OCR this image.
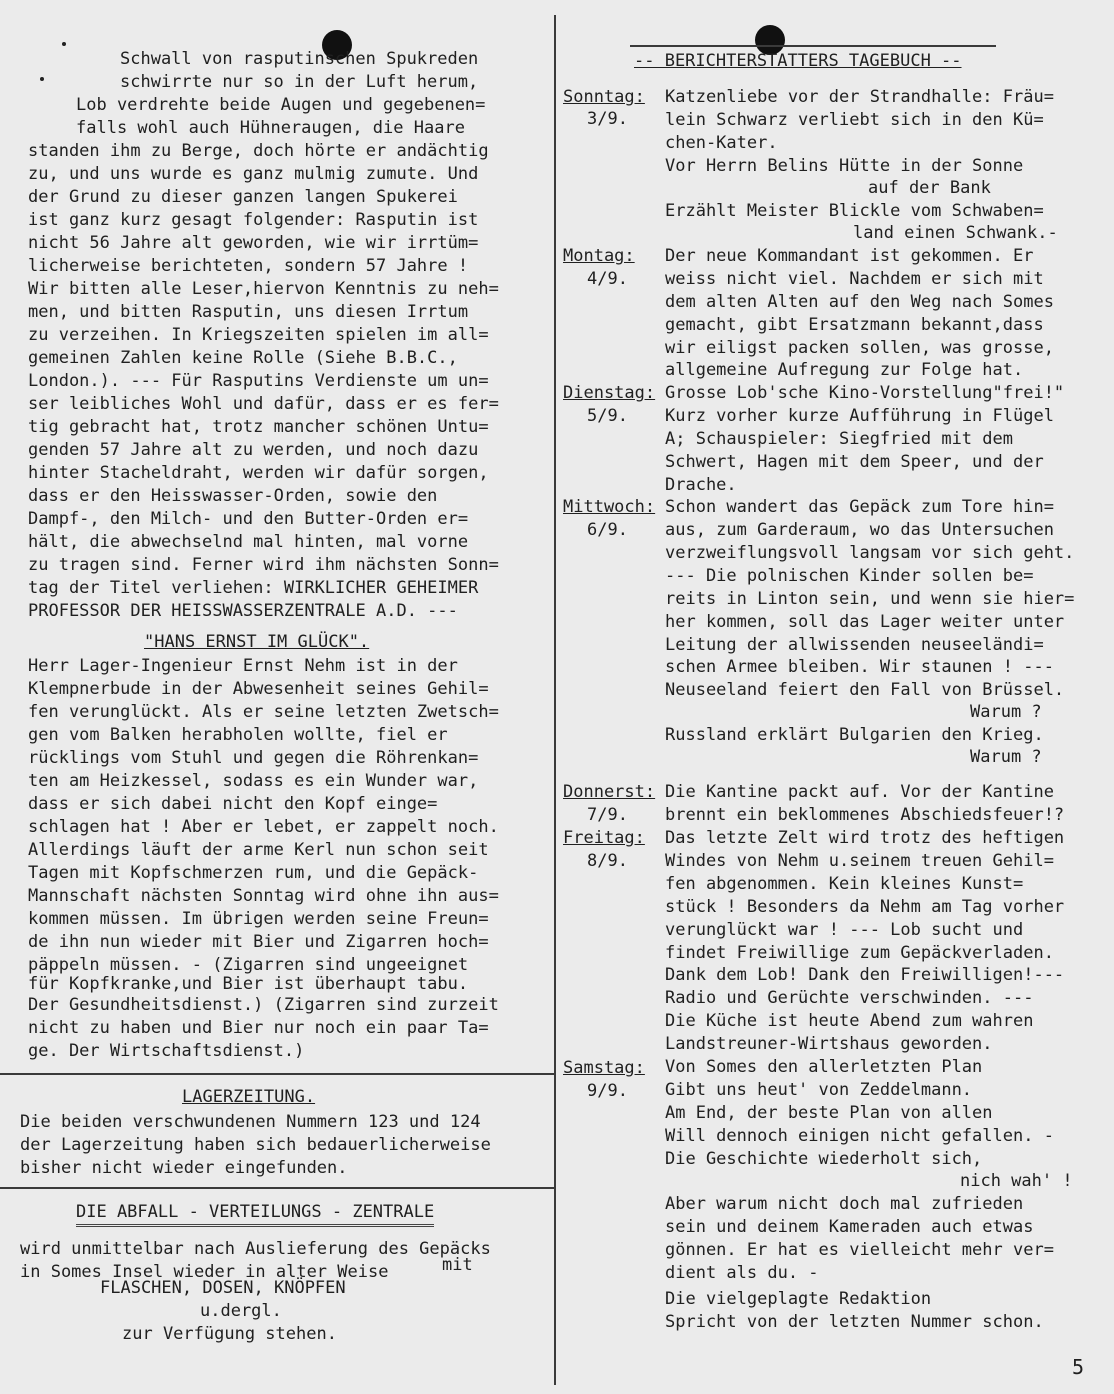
Schwall von rasputinschen Spukreden
schwirrte nur so in der Luft herum,
Lob verdrehte beide Augen und gegebenen=
falls wohl auch Hühneraugen, die Haare
standen ihm zu Berge, doch hörte er andächtig
zu, und uns wurde es ganz mulmig zumute. Und
der Grund zu dieser ganzen langen Spukerei
ist ganz kurz gesagt folgender: Rasputin ist
nicht 56 Jahre alt geworden, wie wir irrtüm=
licherweise berichteten, sondern 57 Jahre !
Wir bitten alle Leser,hiervon Kenntnis zu neh=
men, und bitten Rasputin, uns diesen Irrtum
zu verzeihen. In Kriegszeiten spielen im all=
gemeinen Zahlen keine Rolle (Siehe B.B.C.,
London.). --- Für Rasputins Verdienste um un=
ser leibliches Wohl und dafür, dass er es fer=
tig gebracht hat, trotz mancher schönen Untu=
genden 57 Jahre alt zu werden, und noch dazu
hinter Stacheldraht, werden wir dafür sorgen,
dass er den Heisswasser-Orden, sowie den
Dampf-, den Milch- und den Butter-Orden er=
hält, die abwechselnd mal hinten, mal vorne
zu tragen sind. Ferner wird ihm nächsten Sonn=
tag der Titel verliehen: WIRKLICHER GEHEIMER
PROFESSOR DER HEISSWASSERZENTRALE A.D. ---
"HANS ERNST IM GLÜCK".
Herr Lager-Ingenieur Ernst Nehm ist in der
Klempnerbude in der Abwesenheit seines Gehil=
fen verunglückt. Als er seine letzten Zwetsch=
gen vom Balken herabholen wollte, fiel er
rücklings vom Stuhl und gegen die Röhrenkan=
ten am Heizkessel, sodass es ein Wunder war,
dass er sich dabei nicht den Kopf einge=
schlagen hat ! Aber er lebet, er zappelt noch.
Allerdings läuft der arme Kerl nun schon seit
Tagen mit Kopfschmerzen rum, und die Gepäck-
Mannschaft nächsten Sonntag wird ohne ihn aus=
kommen müssen. Im übrigen werden seine Freun=
de ihn nun wieder mit Bier und Zigarren hoch=
päppeln müssen. - (Zigarren sind ungeeignet
für Kopfkranke,und Bier ist überhaupt tabu.
Der Gesundheitsdienst.) (Zigarren sind zurzeit
nicht zu haben und Bier nur noch ein paar Ta=
ge. Der Wirtschaftsdienst.)
LAGERZEITUNG.
Die beiden verschwundenen Nummern 123 und 124
der Lagerzeitung haben sich bedauerlicherweise
bisher nicht wieder eingefunden.
DIE ABFALL - VERTEILUNGS - ZENTRALE
wird unmittelbar nach Auslieferung des Gepäcks
in Somes Insel wieder in alter Weise	mit
FLASCHEN, DOSEN, KNÖPFEN
u.dergl.
zur Verfügung stehen.
-- BERICHTERSTATTERS TAGEBUCH --
Sonntag:
3/9.
Katzenliebe vor der Strandhalle: Fräu=
lein Schwarz verliebt sich in den Kü=
chen-Kater.
Vor Herrn Belins Hütte in der Sonne
auf der Bank
Erzählt Meister Blickle vom Schwaben=
land einen Schwank.-
Montag:
4/9.
Der neue Kommandant ist gekommen. Er
weiss nicht viel. Nachdem er sich mit
dem alten Alten auf den Weg nach Somes
gemacht, gibt Ersatzmann bekannt,dass
wir eiligst packen sollen, was grosse,
allgemeine Aufregung zur Folge hat.
Dienstag:
5/9.
Grosse Lob'sche Kino-Vorstellung"frei!"
Kurz vorher kurze Aufführung in Flügel
A; Schauspieler: Siegfried mit dem
Schwert, Hagen mit dem Speer, und der
Drache.
Mittwoch:
6/9.
Schon wandert das Gepäck zum Tore hin=
aus, zum Garderaum, wo das Untersuchen
verzweiflungsvoll langsam vor sich geht.
--- Die polnischen Kinder sollen be=
reits in Linton sein, und wenn sie hier=
her kommen, soll das Lager weiter unter
Leitung der allwissenden neuseeländi=
schen Armee bleiben. Wir staunen ! ---
Neuseeland feiert den Fall von Brüssel.
Warum ?
Russland erklärt Bulgarien den Krieg.
Warum ?
Donnerst:
7/9.
Die Kantine packt auf. Vor der Kantine
brennt ein beklommenes Abschiedsfeuer!?
Freitag:
8/9.
Das letzte Zelt wird trotz des heftigen
Windes von Nehm u.seinem treuen Gehil=
fen abgenommen. Kein kleines Kunst=
stück ! Besonders da Nehm am Tag vorher
verunglückt war ! --- Lob sucht und
findet Freiwillige zum Gepäckverladen.
Dank dem Lob! Dank den Freiwilligen!---
Radio und Gerüchte verschwinden. ---
Die Küche ist heute Abend zum wahren
Landstreuner-Wirtshaus geworden.
Samstag:
9/9.
Von Somes den allerletzten Plan
Gibt uns heut' von Zeddelmann.
Am End, der beste Plan von allen
Will dennoch einigen nicht gefallen. -
Die Geschichte wiederholt sich,
nich wah' !
Aber warum nicht doch mal zufrieden
sein und deinem Kameraden auch etwas
gönnen. Er hat es vielleicht mehr ver=
dient als du. -
Die vielgeplagte Redaktion
Spricht von der letzten Nummer schon.
5
